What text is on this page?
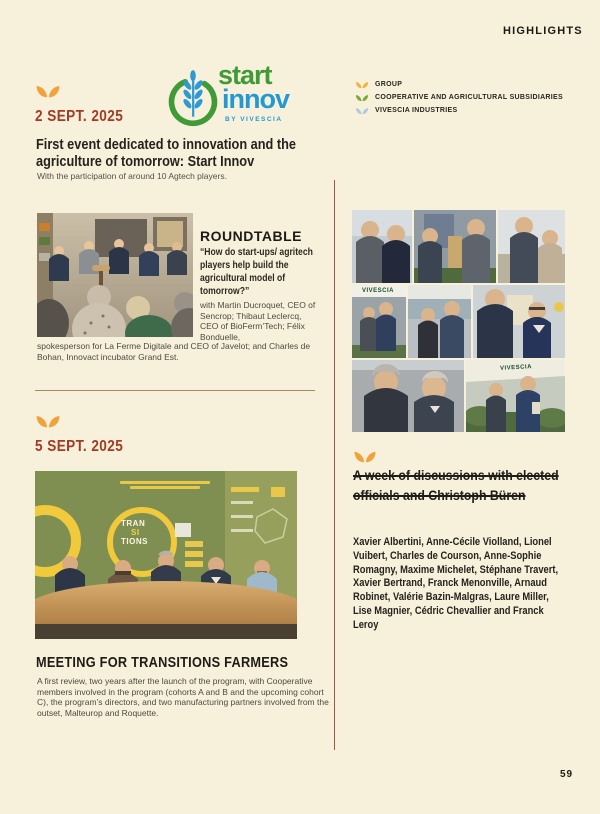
HIGHLIGHTS
2 SEPT. 2025
start
innov
BY VIVESCIA
First event dedicated to innovation and the agriculture of tomorrow: Start Innov
With the participation of around 10 Agtech players.
ROUNDTABLE
“How do start-ups/ agritech players help build the agricultural model of tomorrow?”
with Martin Ducroquet, CEO of Sencrop; Thibaut Leclercq, CEO of BioFerm’Tech; Félix Bonduelle,
spokesperson for La Ferme Digitale and CEO of Javelot; and Charles de Bohan, Innovact incubator Grand Est.
GROUP
COOPERATIVE AND AGRICULTURAL SUBSIDIARIES
VIVESCIA INDUSTRIES
VIVESCIA
VIVESCIA
5 SEPT. 2025
TRAN
SI
TIONS
MEETING FOR TRANSITIONS FARMERS
A first review, two years after the launch of the program, with Cooperative members involved in the program (cohorts A and B and the upcoming cohort C), the program’s directors, and two manufacturing partners involved from the outset, Malteurop and Roquette.
A week of discussions with elected officials and Christoph Büren
Xavier Albertini, Anne-Cécile Violland, Lionel Vuibert, Charles de Courson, Anne-Sophie Romagny, Maxime Michelet, Stéphane Travert, Xavier Bertrand, Franck Menonville, Arnaud Robinet, Valérie Bazin-Malgras, Laure Miller, Lise Magnier, Cédric Chevallier and Franck Leroy
59
